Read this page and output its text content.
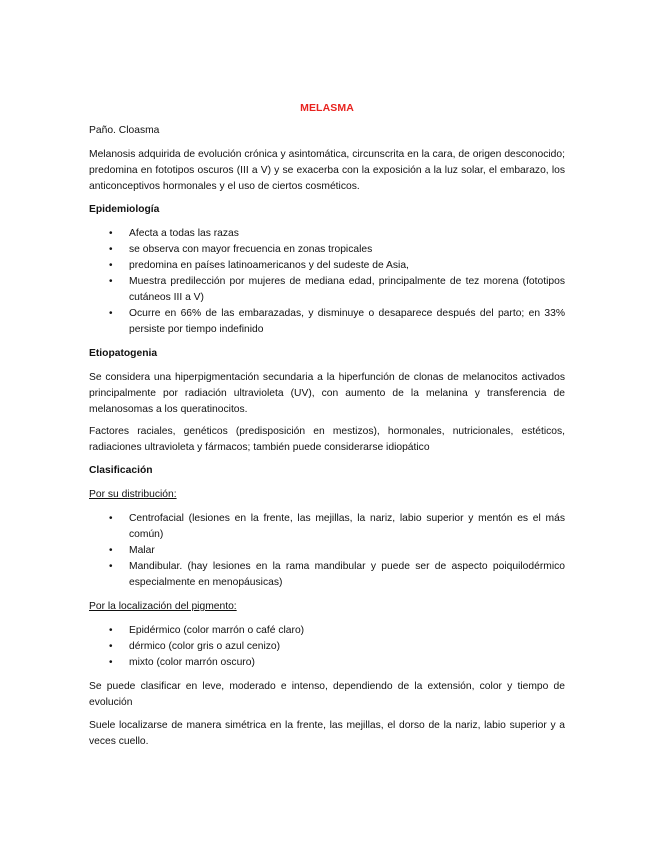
MELASMA

Paño. Cloasma

Melanosis adquirida de evolución crónica y asintomática, circunscrita en la cara, de origen desconocido; predomina en fototipos oscuros (III a V) y se exacerba con la exposición a la luz solar, el embarazo, los anticonceptivos hormonales y el uso de ciertos cosméticos.

Epidemiología

• Afecta a todas las razas
• se observa con mayor frecuencia en zonas tropicales
• predomina en países latinoamericanos y del sudeste de Asia,
• Muestra predilección por mujeres de mediana edad, principalmente de tez morena (fototipos cutáneos III a V)
• Ocurre en 66% de las embarazadas, y disminuye o desaparece después del parto; en 33% persiste por tiempo indefinido

Etiopatogenia

Se considera una hiperpigmentación secundaria a la hiperfunción de clonas de melanocitos activados principalmente por radiación ultravioleta (UV), con aumento de la melanina y transferencia de melanosomas a los queratinocitos.

Factores raciales, genéticos (predisposición en mestizos), hormonales, nutricionales, estéticos, radiaciones ultravioleta y fármacos; también puede considerarse idiopático

Clasificación

Por su distribución:

• Centrofacial (lesiones en la frente, las mejillas, la nariz, labio superior y mentón es el más común)
• Malar
• Mandibular. (hay lesiones en la rama mandibular y puede ser de aspecto poiquilodérmico especialmente en menopáusicas)

Por la localización del pigmento:

• Epidérmico (color marrón o café claro)
• dérmico (color gris o azul cenizo)
• mixto (color marrón oscuro)

Se puede clasificar en leve, moderado e intenso, dependiendo de la extensión, color y tiempo de evolución

Suele localizarse de manera simétrica en la frente, las mejillas, el dorso de la nariz, labio superior y a veces cuello.
